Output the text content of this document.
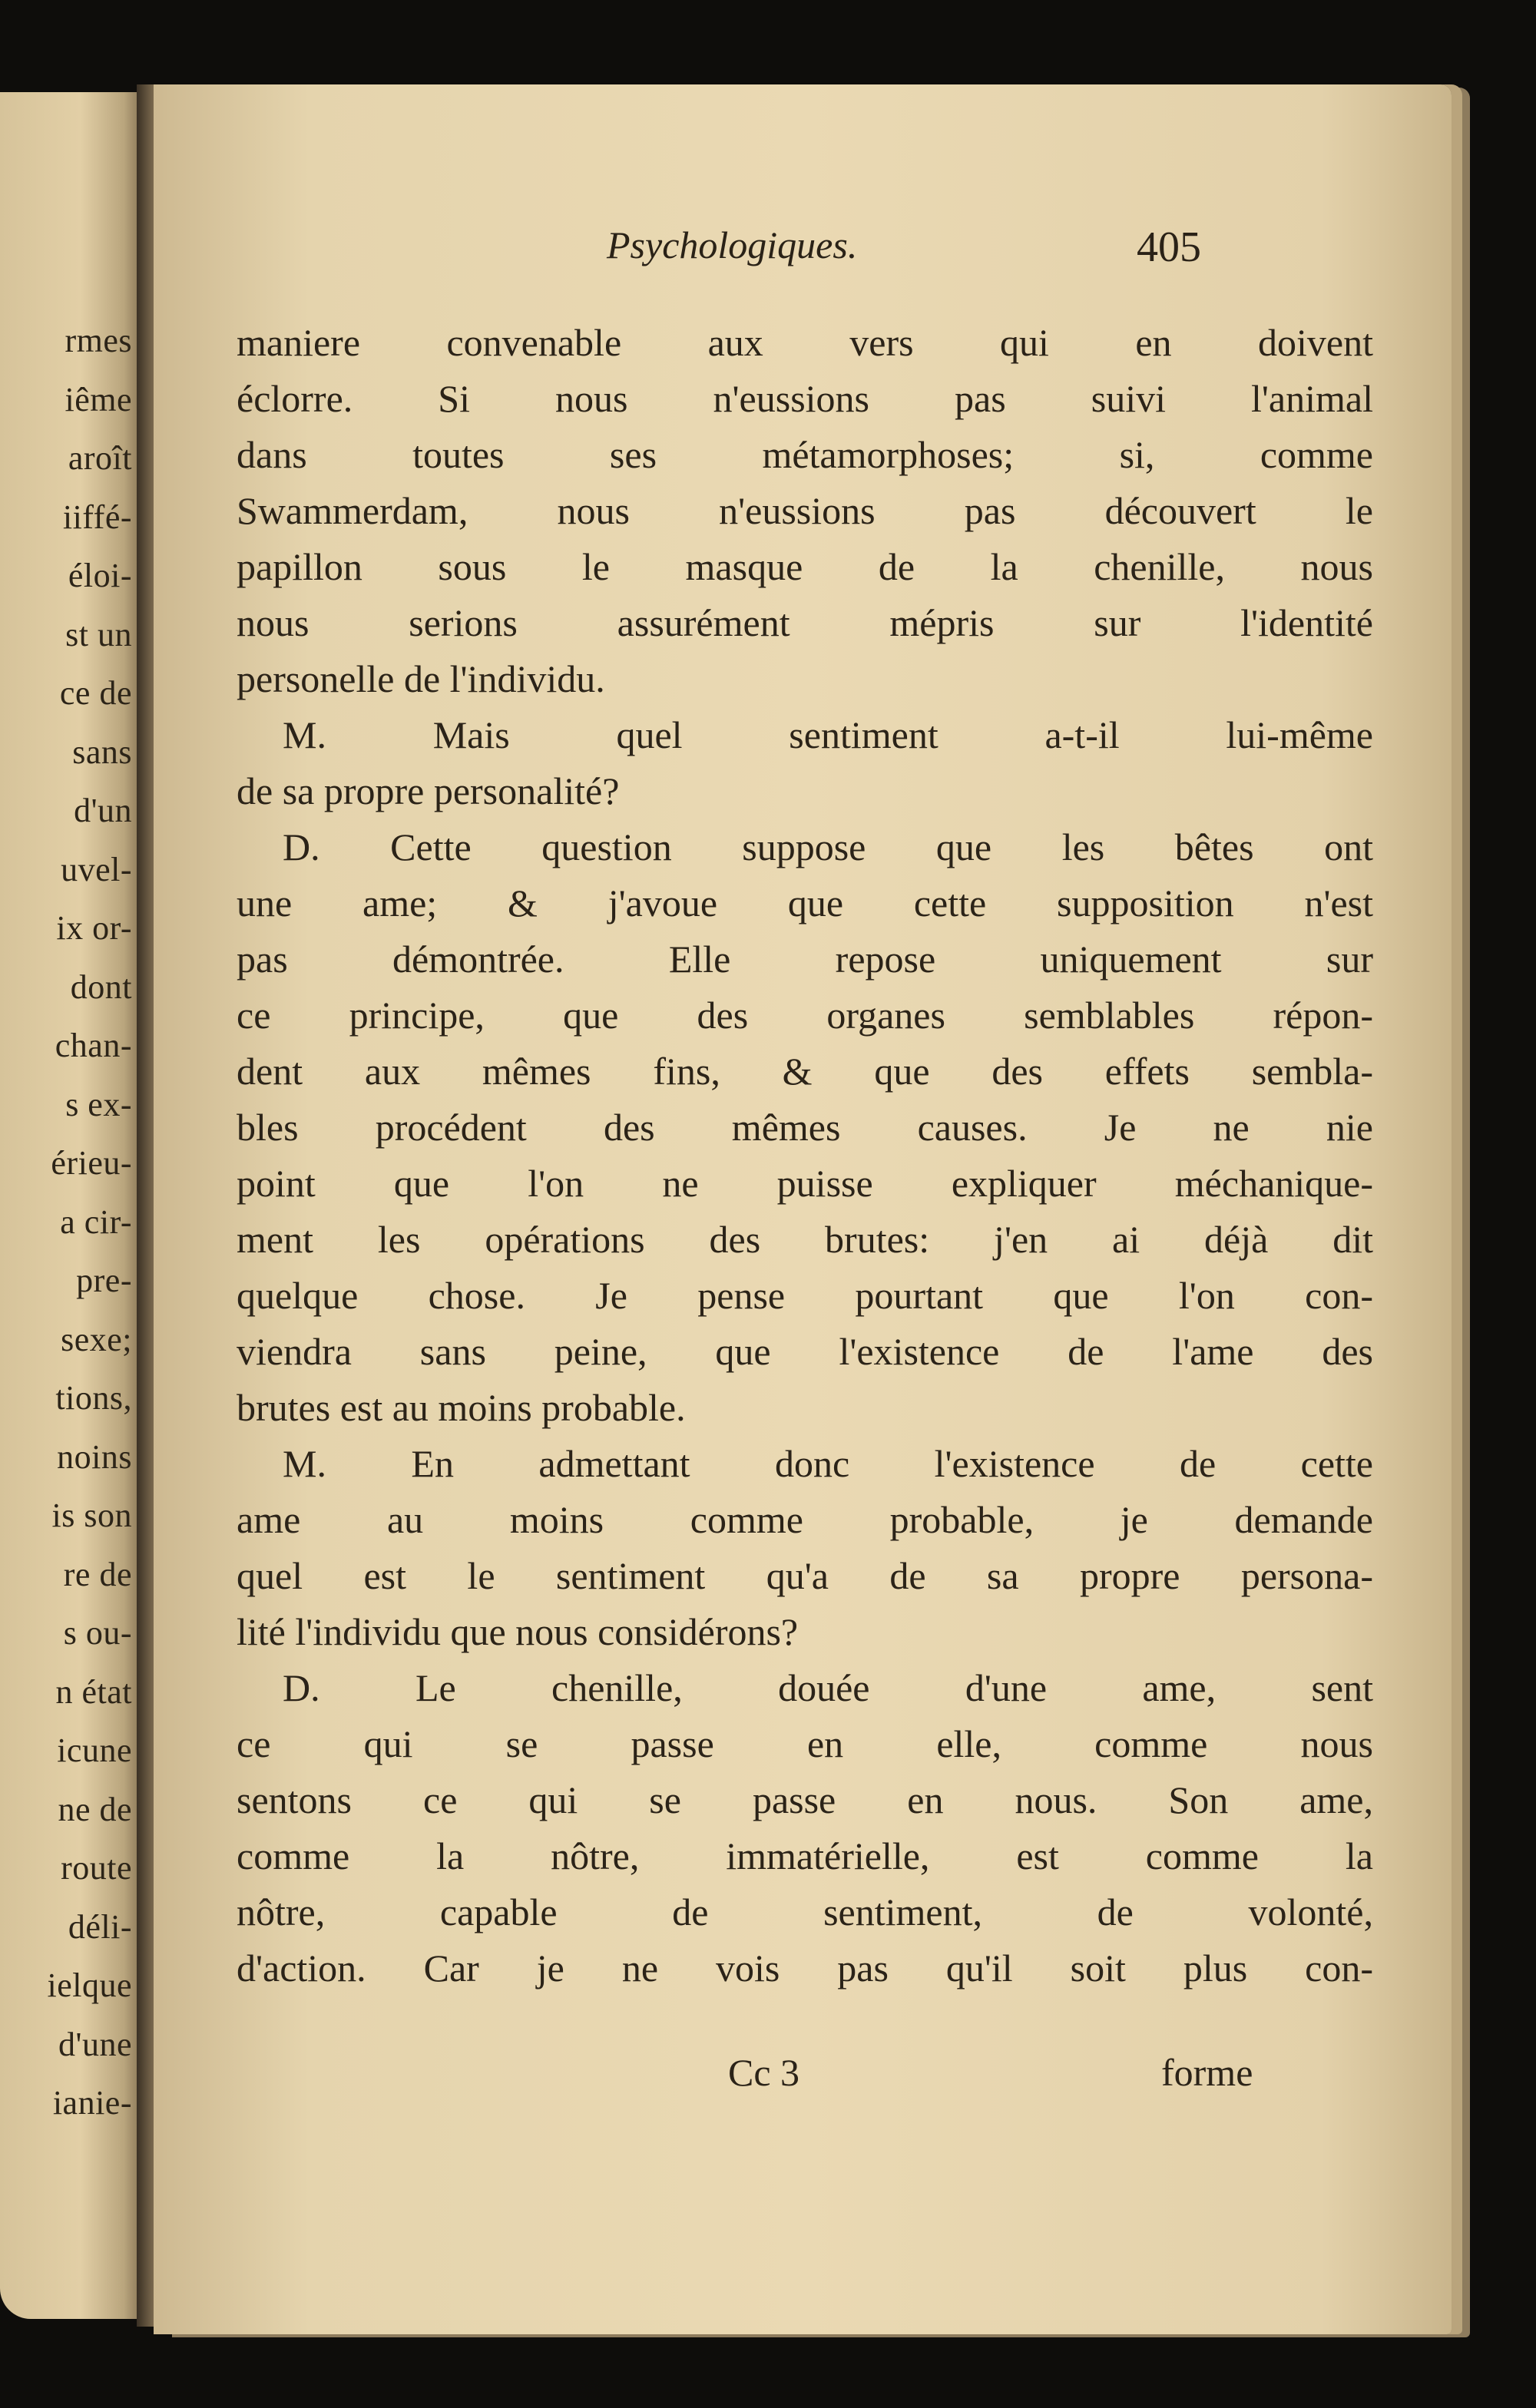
rmes
iême
aroît
iiffé-
éloi-
st un
ce de
sans
d'un
uvel-
ix or-
dont
chan-
s ex-
érieu-
a cir-
pre-
sexe;
tions,
noins
is son
re de
s ou-
n état
icune
ne de
route
déli-
ielque
d'une
ianie-
Psychologiques.	405
maniere convenable aux vers qui en doivent
éclorre. Si nous n'eussions pas suivi l'animal
dans toutes ses métamorphoses; si, comme
Swammerdam, nous n'eussions pas découvert le
papillon sous le masque de la chenille, nous
nous serions assurément mépris sur l'identité
personelle de l'individu.
M. Mais quel sentiment a-t-il lui-même
de sa propre personalité?
D. Cette question suppose que les bêtes ont
une ame; & j'avoue que cette supposition n'est
pas démontrée. Elle repose uniquement sur
ce principe, que des organes semblables répon-
dent aux mêmes fins, & que des effets sembla-
bles procédent des mêmes causes. Je ne nie
point que l'on ne puisse expliquer méchanique-
ment les opérations des brutes: j'en ai déjà dit
quelque chose. Je pense pourtant que l'on con-
viendra sans peine, que l'existence de l'ame des
brutes est au moins probable.
M. En admettant donc l'existence de cette
ame au moins comme probable, je demande
quel est le sentiment qu'a de sa propre persona-
lité l'individu que nous considérons?
D. Le chenille, douée d'une ame, sent
ce qui se passe en elle, comme nous
sentons ce qui se passe en nous. Son ame,
comme la nôtre, immatérielle, est comme la
nôtre, capable de sentiment, de volonté,
d'action. Car je ne vois pas qu'il soit plus con-
Cc 3	forme
